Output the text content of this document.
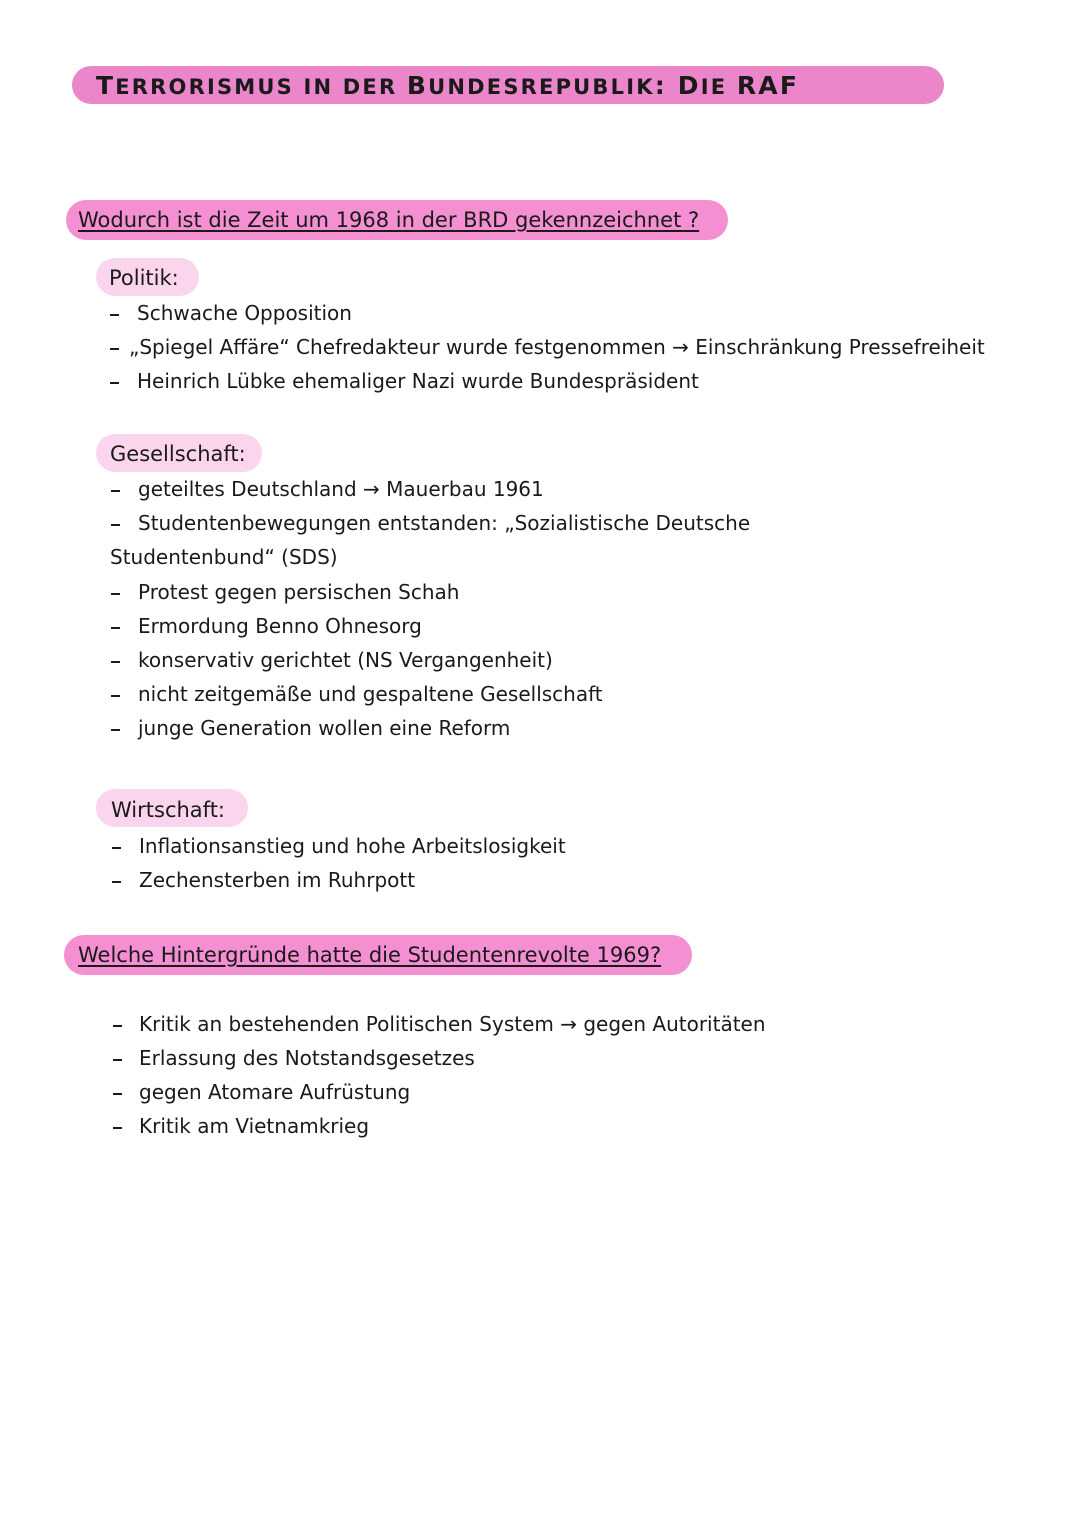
TERRORISMUS IN DER BUNDESREPUBLIK: DIE RAF
Wodurch ist die Zeit um 1968 in der BRD gekennzeichnet ?
Politik:
Schwache Opposition
„Spiegel Affäre“ Chefredakteur wurde festgenommen → Einschränkung Pressefreiheit
Heinrich Lübke ehemaliger Nazi wurde Bundespräsident
Gesellschaft:
geteiltes Deutschland → Mauerbau 1961
Studentenbewegungen entstanden: „Sozialistische Deutsche
Studentenbund“ (SDS)
Protest gegen persischen Schah
Ermordung Benno Ohnesorg
konservativ gerichtet (NS Vergangenheit)
nicht zeitgemäße und gespaltene Gesellschaft
junge Generation wollen eine Reform
Wirtschaft:
Inflationsanstieg und hohe Arbeitslosigkeit
Zechensterben im Ruhrpott
Welche Hintergründe hatte die Studentenrevolte 1969?
Kritik an bestehenden Politischen System → gegen Autoritäten
Erlassung des Notstandsgesetzes
gegen Atomare Aufrüstung
Kritik am Vietnamkrieg
